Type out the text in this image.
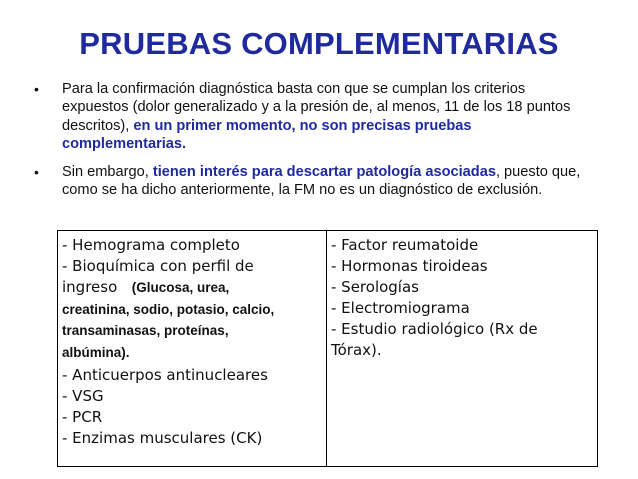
PRUEBAS COMPLEMENTARIAS
• Para la confirmación diagnóstica basta con que se cumplan los criterios expuestos (dolor generalizado y a la presión de, al menos, 11 de los 18 puntos descritos), en un primer momento, no son precisas pruebas complementarias.
• Sin embargo, tienen interés para descartar patología asociadas, puesto que, como se ha dicho anteriormente, la FM no es un diagnóstico de exclusión.
- Hemograma completo
- Bioquímica con perfil de
ingreso (Glucosa, urea,
creatinina, sodio, potasio, calcio,
transaminasas, proteínas,
albúmina).
- Anticuerpos antinucleares
- VSG
- PCR
- Enzimas musculares (CK)
- Factor reumatoide
- Hormonas tiroideas
- Serologías
- Electromiograma
- Estudio radiológico (Rx de
Tórax).
